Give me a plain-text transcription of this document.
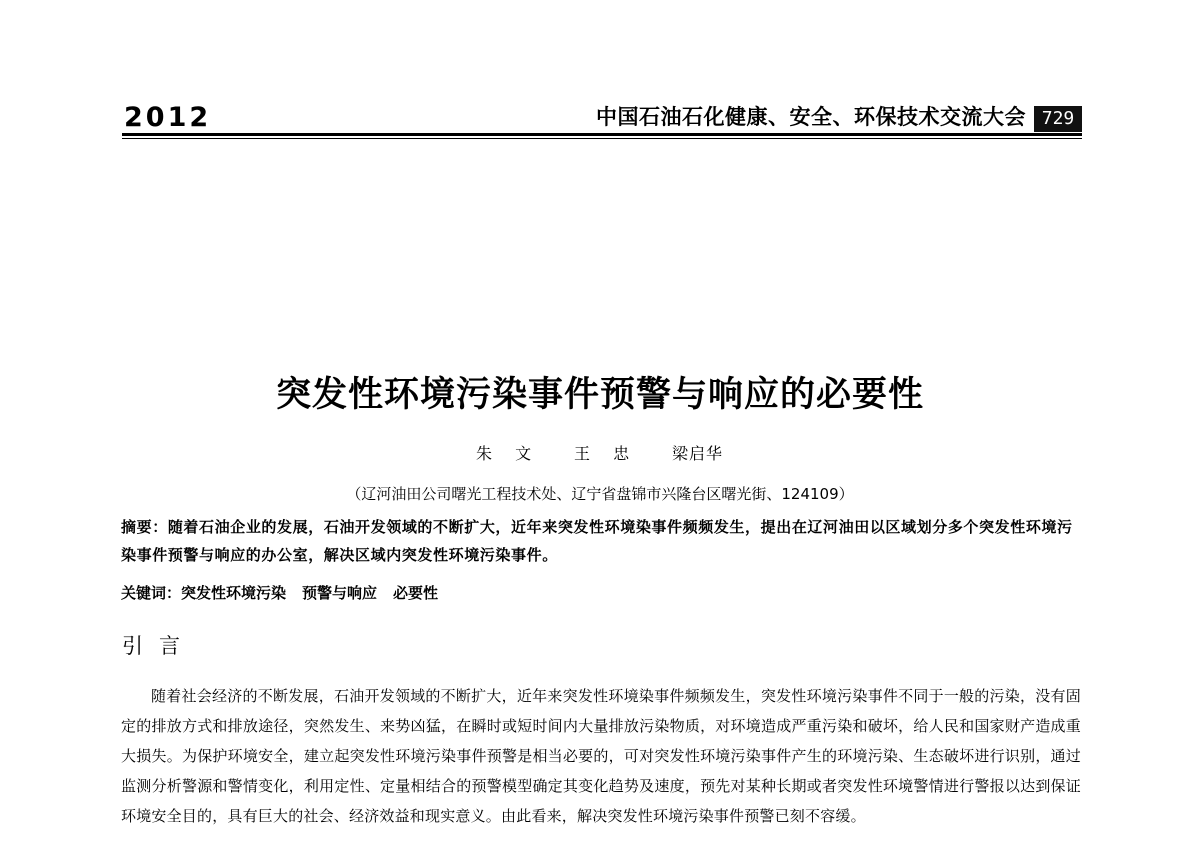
2012	中国石油石化健康、安全、环保技术交流大会 729
突发性环境污染事件预警与响应的必要性
朱 文 王 忠 梁启华
（辽河油田公司曙光工程技术处、辽宁省盘锦市兴隆台区曙光街、124109）
摘要：随着石油企业的发展，石油开发领域的不断扩大，近年来突发性环境染事件频频发生，提出在辽河油田以区域划分多个突发性环境污染事件预警与响应的办公室，解决区域内突发性环境污染事件。
关键词：突发性环境污染 预警与响应 必要性
引言

随着社会经济的不断发展，石油开发领域的不断扩大，近年来突发性环境染事件频频发生，突发性环境污染事件不同于一般的污染，没有固定的排放方式和排放途径，突然发生、来势凶猛，在瞬时或短时间内大量排放污染物质，对环境造成严重污染和破坏，给人民和国家财产造成重大损失。为保护环境安全，建立起突发性环境污染事件预警是相当必要的，可对突发性环境污染事件产生的环境污染、生态破坏进行识别，通过监测分析警源和警情变化，利用定性、定量相结合的预警模型确定其变化趋势及速度，预先对某种长期或者突发性环境警情进行警报以达到保证环境安全目的，具有巨大的社会、经济效益和现实意义。由此看来，解决突发性环境污染事件预警已刻不容缓。
